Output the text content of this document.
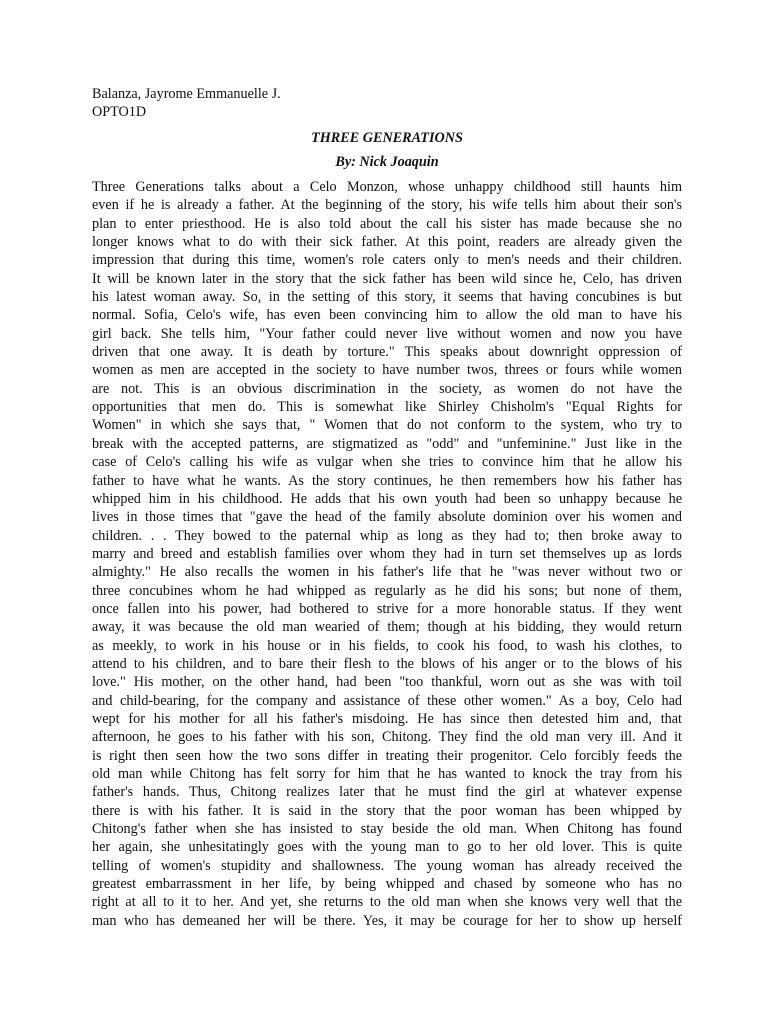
Balanza, Jayrome Emmanuelle J.

OPTO1D

THREE GENERATIONS

By: Nick Joaquin

Three Generations talks about a Celo Monzon, whose unhappy childhood still haunts him
even if he is already a father. At the beginning of the story, his wife tells him about their son's
plan to enter priesthood. He is also told about the call his sister has made because she no
longer knows what to do with their sick father. At this point, readers are already given the
impression that during this time, women's role caters only to men's needs and their children.
It will be known later in the story that the sick father has been wild since he, Celo, has driven
his latest woman away. So, in the setting of this story, it seems that having concubines is but
normal. Sofia, Celo's wife, has even been convincing him to allow the old man to have his
girl back. She tells him, "Your father could never live without women and now you have
driven that one away. It is death by torture." This speaks about downright oppression of
women as men are accepted in the society to have number twos, threes or fours while women
are not. This is an obvious discrimination in the society, as women do not have the
opportunities that men do. This is somewhat like Shirley Chisholm's "Equal Rights for
Women" in which she says that, " Women that do not conform to the system, who try to
break with the accepted patterns, are stigmatized as "odd" and "unfeminine." Just like in the
case of Celo's calling his wife as vulgar when she tries to convince him that he allow his
father to have what he wants. As the story continues, he then remembers how his father has
whipped him in his childhood. He adds that his own youth had been so unhappy because he
lives in those times that "gave the head of the family absolute dominion over his women and
children. . . They bowed to the paternal whip as long as they had to; then broke away to
marry and breed and establish families over whom they had in turn set themselves up as lords
almighty." He also recalls the women in his father's life that he "was never without two or
three concubines whom he had whipped as regularly as he did his sons; but none of them,
once fallen into his power, had bothered to strive for a more honorable status. If they went
away, it was because the old man wearied of them; though at his bidding, they would return
as meekly, to work in his house or in his fields, to cook his food, to wash his clothes, to
attend to his children, and to bare their flesh to the blows of his anger or to the blows of his
love." His mother, on the other hand, had been "too thankful, worn out as she was with toil
and child-bearing, for the company and assistance of these other women." As a boy, Celo had
wept for his mother for all his father's misdoing. He has since then detested him and, that
afternoon, he goes to his father with his son, Chitong. They find the old man very ill. And it
is right then seen how the two sons differ in treating their progenitor. Celo forcibly feeds the
old man while Chitong has felt sorry for him that he has wanted to knock the tray from his
father's hands. Thus, Chitong realizes later that he must find the girl at whatever expense
there is with his father. It is said in the story that the poor woman has been whipped by
Chitong's father when she has insisted to stay beside the old man. When Chitong has found
her again, she unhesitatingly goes with the young man to go to her old lover. This is quite
telling of women's stupidity and shallowness. The young woman has already received the
greatest embarrassment in her life, by being whipped and chased by someone who has no
right at all to it to her. And yet, she returns to the old man when she knows very well that the
man who has demeaned her will be there. Yes, it may be courage for her to show up herself
